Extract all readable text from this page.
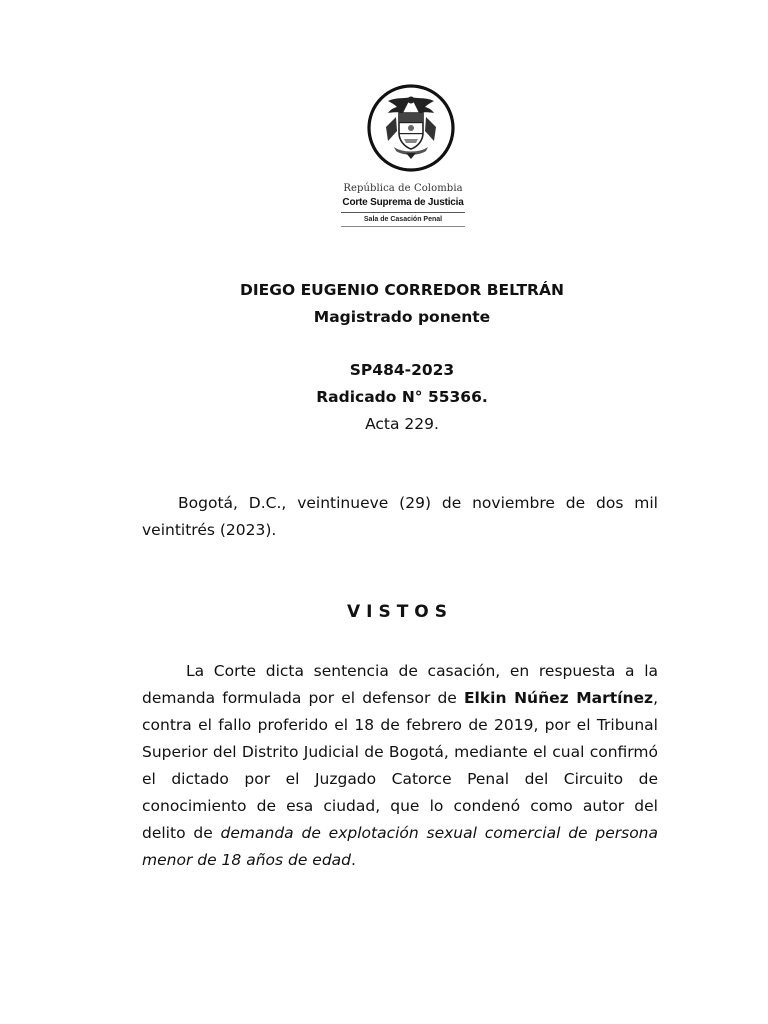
República de Colombia
Corte Suprema de Justicia
Sala de Casación Penal
DIEGO EUGENIO CORREDOR BELTRÁN
Magistrado ponente
SP484-2023
Radicado N° 55366.
Acta 229.

Bogotá, D.C., veintinueve (29) de noviembre de dos mil veintitrés (2023).

VISTOS

La Corte dicta sentencia de casación, en respuesta a la demanda formulada por el defensor de Elkin Núñez Martínez, contra el fallo proferido el 18 de febrero de 2019, por el Tribunal Superior del Distrito Judicial de Bogotá, mediante el cual confirmó el dictado por el Juzgado Catorce Penal del Circuito de conocimiento de esa ciudad, que lo condenó como autor del delito de demanda de explotación sexual comercial de persona menor de 18 años de edad.
